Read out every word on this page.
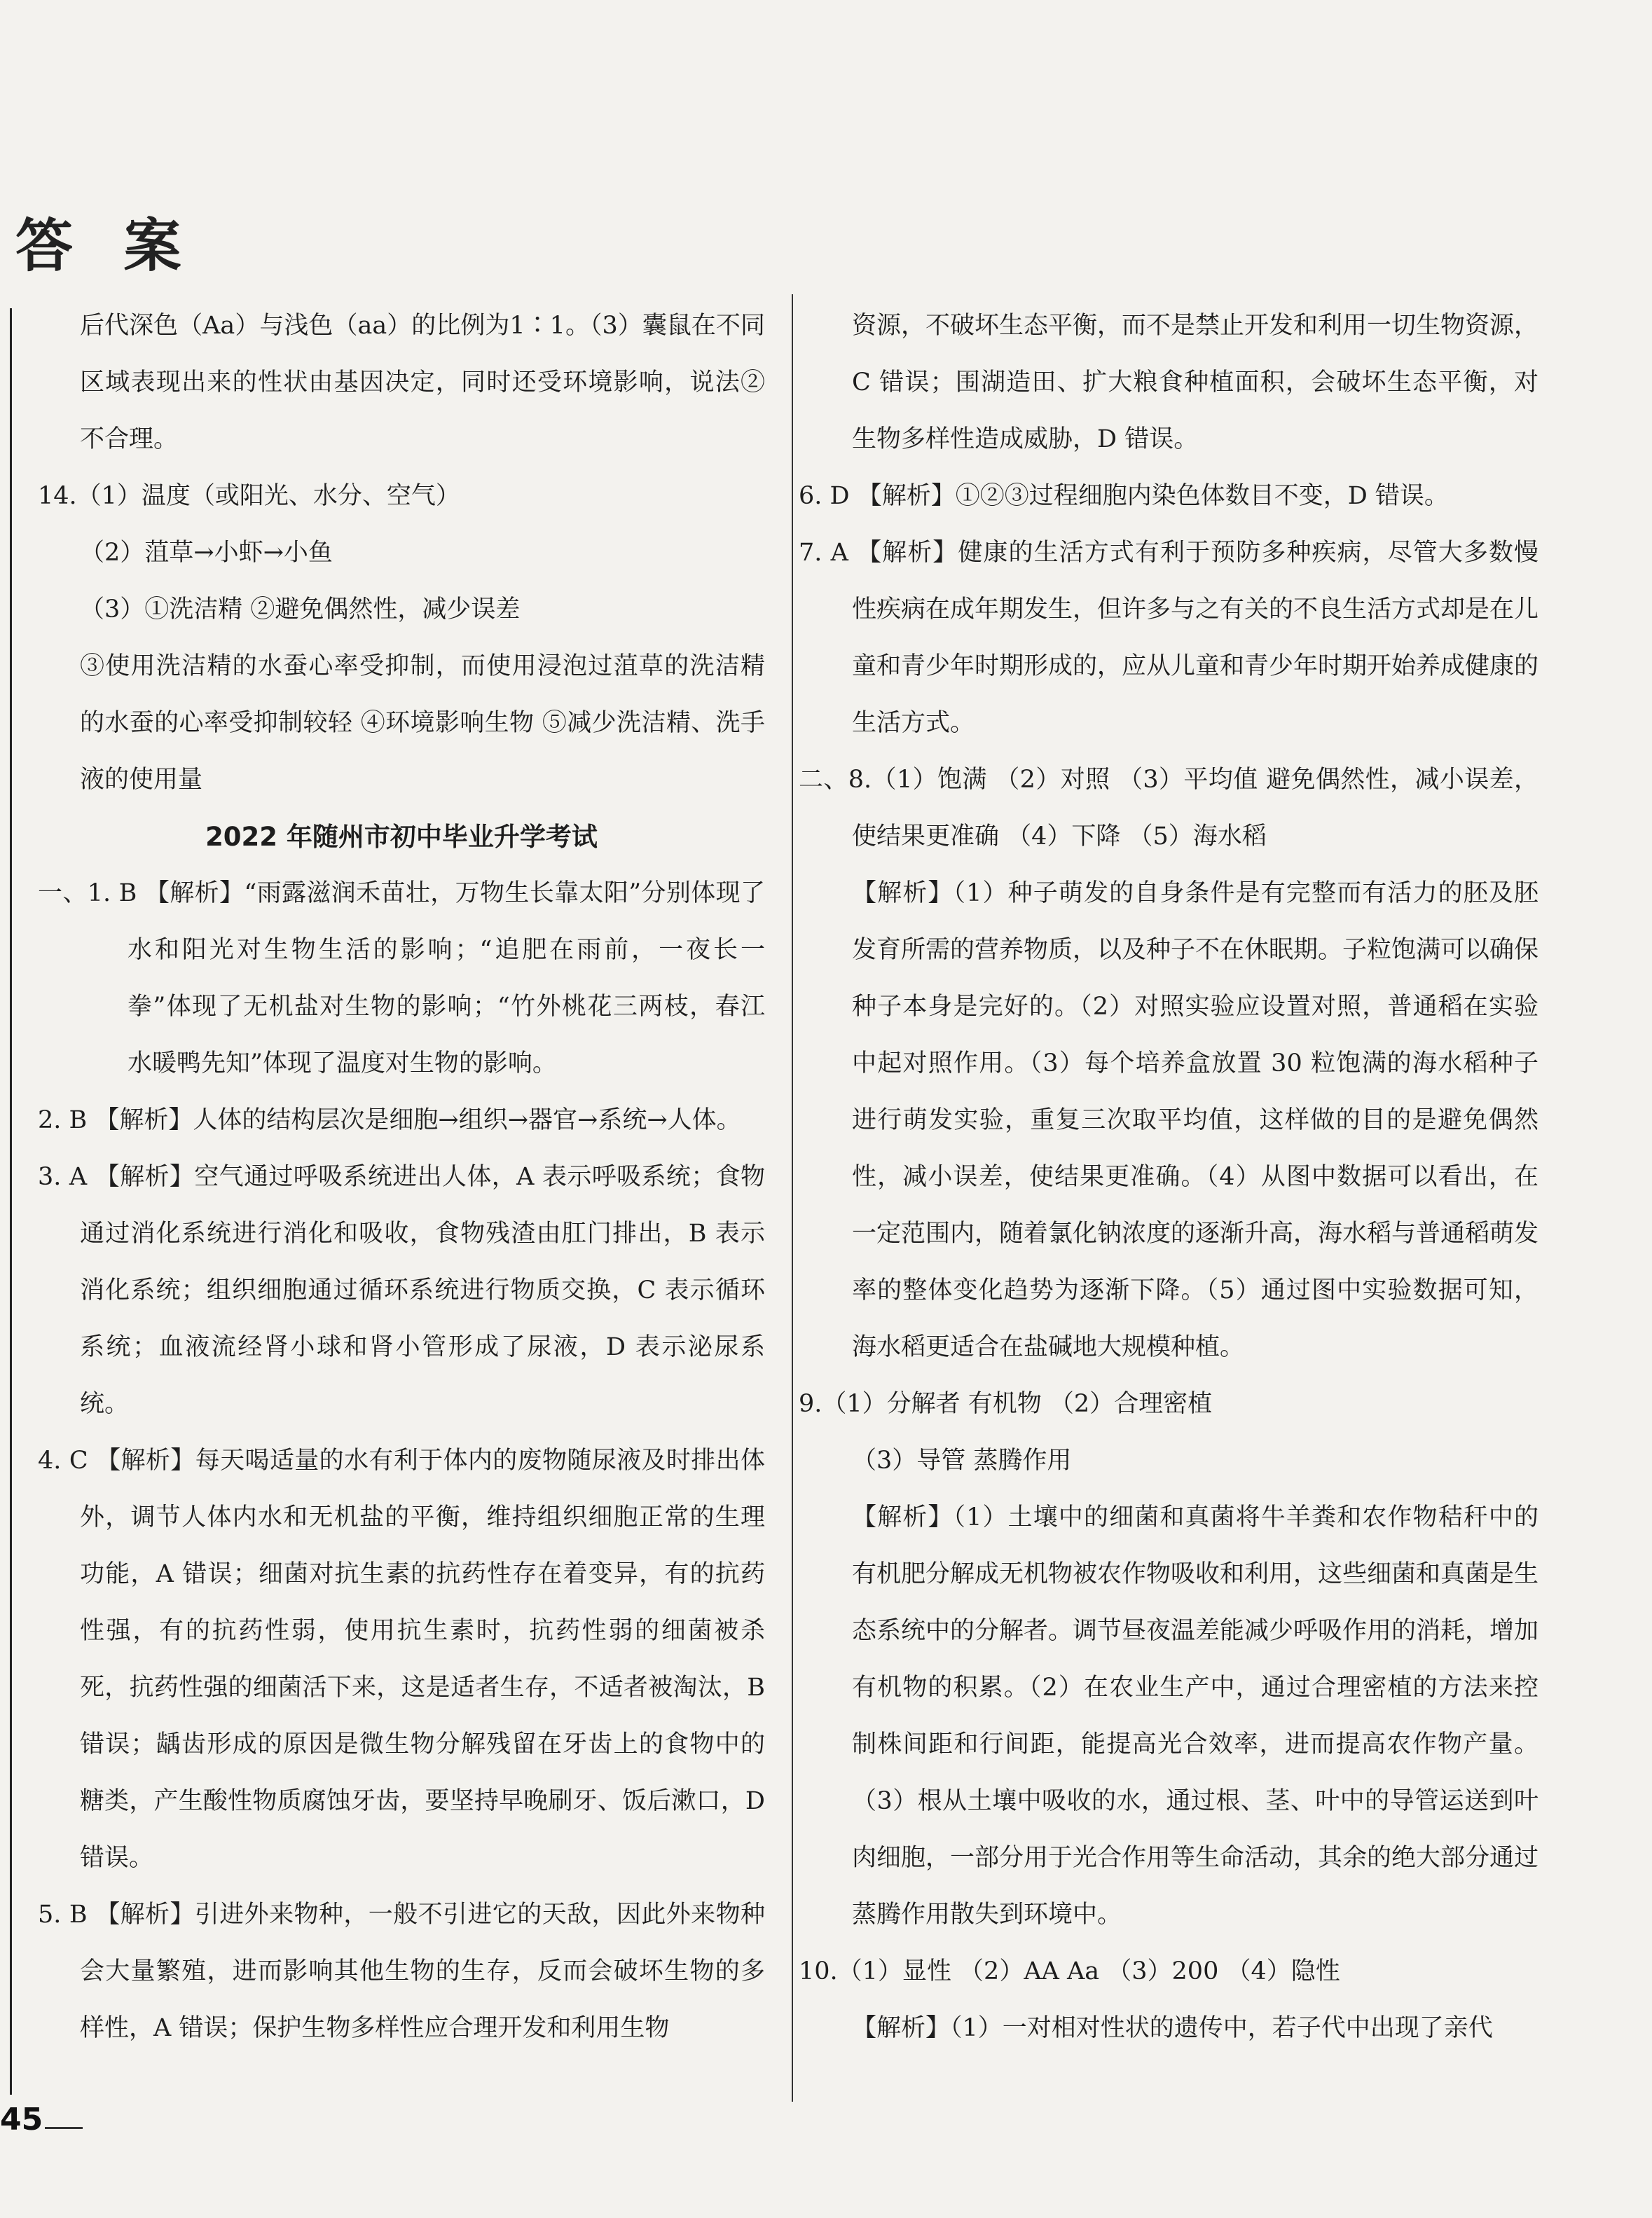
答 案

后代深色（Aa）与浅色（aa）的比例为1∶1。（3）囊鼠在不同区域表现出来的性状由基因决定，同时还受环境影响，说法②不合理。

14.（1）温度（或阳光、水分、空气）

（2）菹草→小虾→小鱼

（3）①洗洁精 ②避免偶然性，减少误差

③使用洗洁精的水蚕心率受抑制，而使用浸泡过菹草的洗洁精的水蚕的心率受抑制较轻 ④环境影响生物 ⑤减少洗洁精、洗手液的使用量

2022 年随州市初中毕业升学考试

一、1. B 【解析】“雨露滋润禾苗壮，万物生长靠太阳”分别体现了水和阳光对生物生活的影响；“追肥在雨前，一夜长一拳”体现了无机盐对生物的影响；“竹外桃花三两枝，春江水暖鸭先知”体现了温度对生物的影响。

2. B 【解析】人体的结构层次是细胞→组织→器官→系统→人体。

3. A 【解析】空气通过呼吸系统进出人体，A 表示呼吸系统；食物通过消化系统进行消化和吸收，食物残渣由肛门排出，B 表示消化系统；组织细胞通过循环系统进行物质交换，C 表示循环系统；血液流经肾小球和肾小管形成了尿液，D 表示泌尿系统。

4. C 【解析】每天喝适量的水有利于体内的废物随尿液及时排出体外，调节人体内水和无机盐的平衡，维持组织细胞正常的生理功能，A 错误；细菌对抗生素的抗药性存在着变异，有的抗药性强，有的抗药性弱，使用抗生素时，抗药性弱的细菌被杀死，抗药性强的细菌活下来，这是适者生存，不适者被淘汰，B 错误；龋齿形成的原因是微生物分解残留在牙齿上的食物中的糖类，产生酸性物质腐蚀牙齿，要坚持早晚刷牙、饭后漱口，D 错误。

5. B 【解析】引进外来物种，一般不引进它的天敌，因此外来物种会大量繁殖，进而影响其他生物的生存，反而会破坏生物的多样性，A 错误；保护生物多样性应合理开发和利用生物

资源，不破坏生态平衡，而不是禁止开发和利用一切生物资源，C 错误；围湖造田、扩大粮食种植面积，会破坏生态平衡，对生物多样性造成威胁，D 错误。

6. D 【解析】①②③过程细胞内染色体数目不变，D 错误。

7. A 【解析】健康的生活方式有利于预防多种疾病，尽管大多数慢性疾病在成年期发生，但许多与之有关的不良生活方式却是在儿童和青少年时期形成的，应从儿童和青少年时期开始养成健康的生活方式。

二、8.（1）饱满 （2）对照 （3）平均值 避免偶然性，减小误差，使结果更准确 （4）下降 （5）海水稻

【解析】（1）种子萌发的自身条件是有完整而有活力的胚及胚发育所需的营养物质，以及种子不在休眠期。子粒饱满可以确保种子本身是完好的。（2）对照实验应设置对照，普通稻在实验中起对照作用。（3）每个培养盒放置 30 粒饱满的海水稻种子进行萌发实验，重复三次取平均值，这样做的目的是避免偶然性，减小误差，使结果更准确。（4）从图中数据可以看出，在一定范围内，随着氯化钠浓度的逐渐升高，海水稻与普通稻萌发率的整体变化趋势为逐渐下降。（5）通过图中实验数据可知，海水稻更适合在盐碱地大规模种植。

9.（1）分解者 有机物 （2）合理密植

（3）导管 蒸腾作用

【解析】（1）土壤中的细菌和真菌将牛羊粪和农作物秸秆中的有机肥分解成无机物被农作物吸收和利用，这些细菌和真菌是生态系统中的分解者。调节昼夜温差能减少呼吸作用的消耗，增加有机物的积累。（2）在农业生产中，通过合理密植的方法来控制株间距和行间距，能提高光合效率，进而提高农作物产量。（3）根从土壤中吸收的水，通过根、茎、叶中的导管运送到叶肉细胞，一部分用于光合作用等生命活动，其余的绝大部分通过蒸腾作用散失到环境中。

10.（1）显性 （2）AA Aa （3）200 （4）隐性

【解析】（1）一对相对性状的遗传中，若子代中出现了亲代

45
